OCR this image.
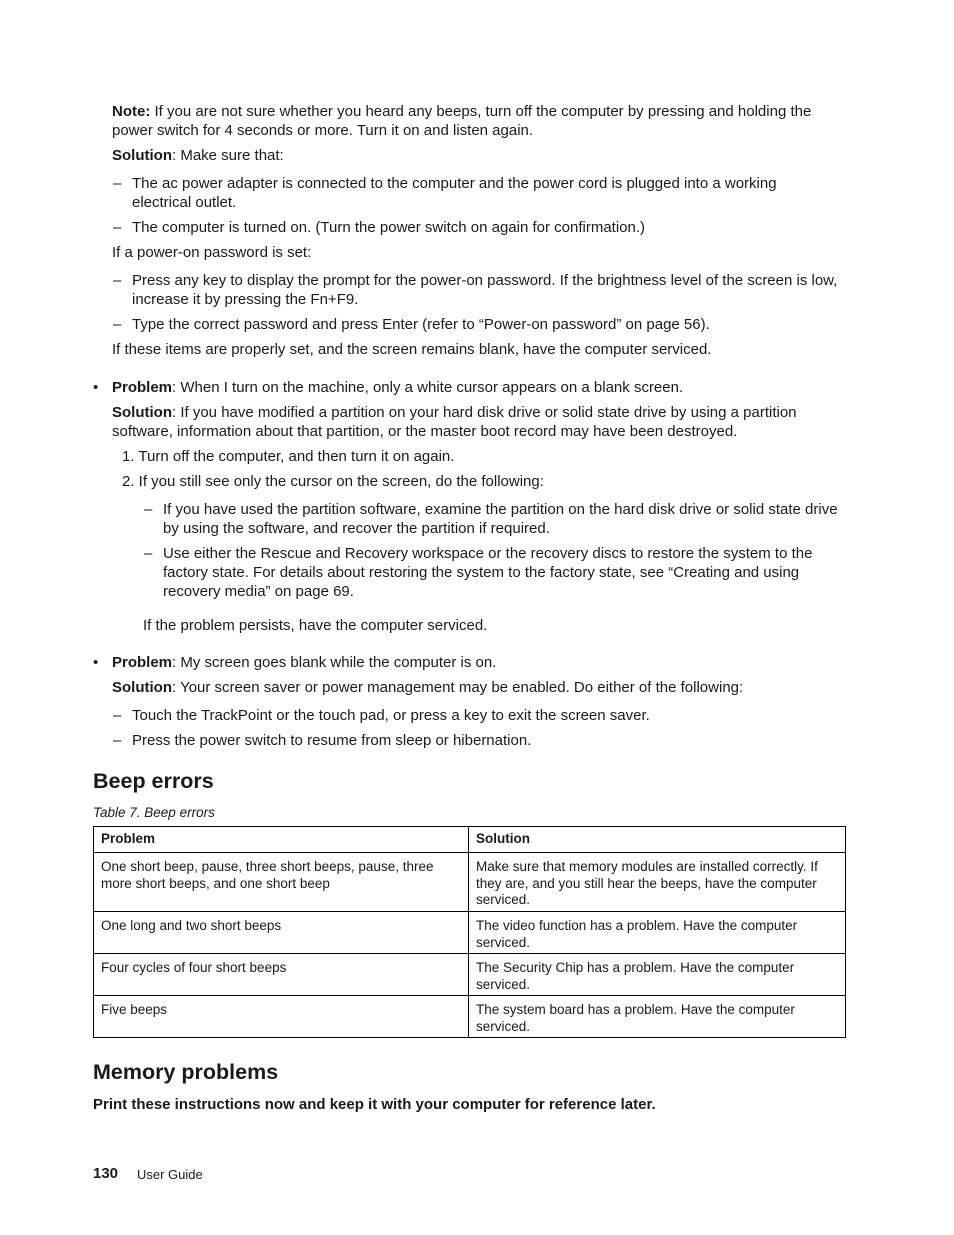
Note: If you are not sure whether you heard any beeps, turn off the computer by pressing and holding the power switch for 4 seconds or more. Turn it on and listen again.

Solution: Make sure that:

– The ac power adapter is connected to the computer and the power cord is plugged into a working electrical outlet.

– The computer is turned on. (Turn the power switch on again for confirmation.)

If a power-on password is set:

– Press any key to display the prompt for the power-on password. If the brightness level of the screen is low, increase it by pressing the Fn+F9.

– Type the correct password and press Enter (refer to “Power-on password” on page 56).

If these items are properly set, and the screen remains blank, have the computer serviced.

• Problem: When I turn on the machine, only a white cursor appears on a blank screen.

Solution: If you have modified a partition on your hard disk drive or solid state drive by using a partition software, information about that partition, or the master boot record may have been destroyed.

1. Turn off the computer, and then turn it on again.

2. If you still see only the cursor on the screen, do the following:

– If you have used the partition software, examine the partition on the hard disk drive or solid state drive by using the software, and recover the partition if required.

– Use either the Rescue and Recovery workspace or the recovery discs to restore the system to the factory state. For details about restoring the system to the factory state, see “Creating and using recovery media” on page 69.

If the problem persists, have the computer serviced.

• Problem: My screen goes blank while the computer is on.

Solution: Your screen saver or power management may be enabled. Do either of the following:

– Touch the TrackPoint or the touch pad, or press a key to exit the screen saver.

– Press the power switch to resume from sleep or hibernation.

Beep errors
Table 7. Beep errors
Problem	Solution
One short beep, pause, three short beeps, pause, three more short beeps, and one short beep	Make sure that memory modules are installed correctly. If they are, and you still hear the beeps, have the computer serviced.
One long and two short beeps	The video function has a problem. Have the computer serviced.
Four cycles of four short beeps	The Security Chip has a problem. Have the computer serviced.
Five beeps	The system board has a problem. Have the computer serviced.
Memory problems

Print these instructions now and keep it with your computer for reference later.

130 User Guide
